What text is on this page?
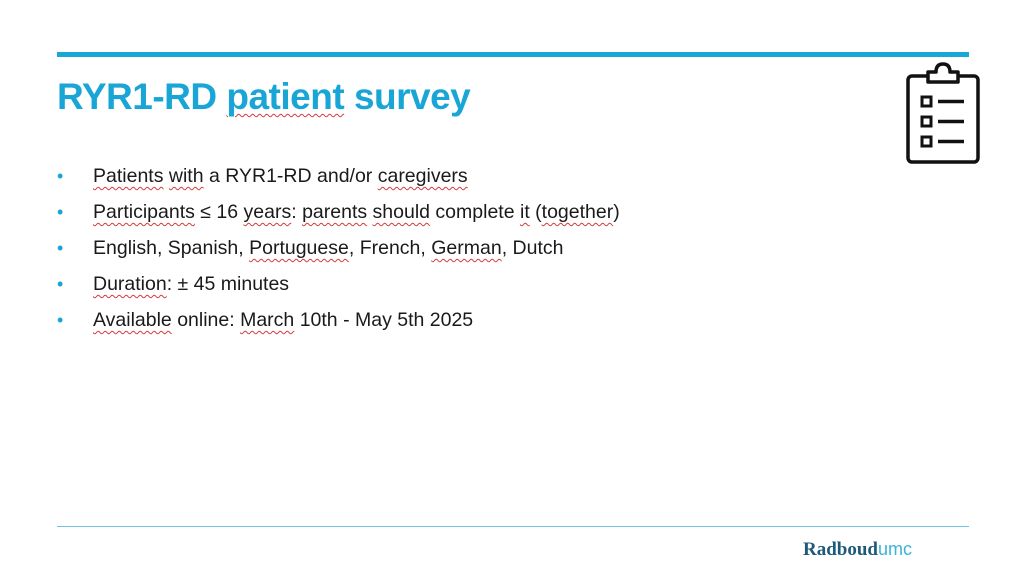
RYR1-RD patient survey
• Patients with a RYR1-RD and/or caregivers
• Participants ≤ 16 years: parents should complete it (together)
• English, Spanish, Portuguese, French, German, Dutch
• Duration: ± 45 minutes
• Available online: March 10th - May 5th 2025
Radboudumc
